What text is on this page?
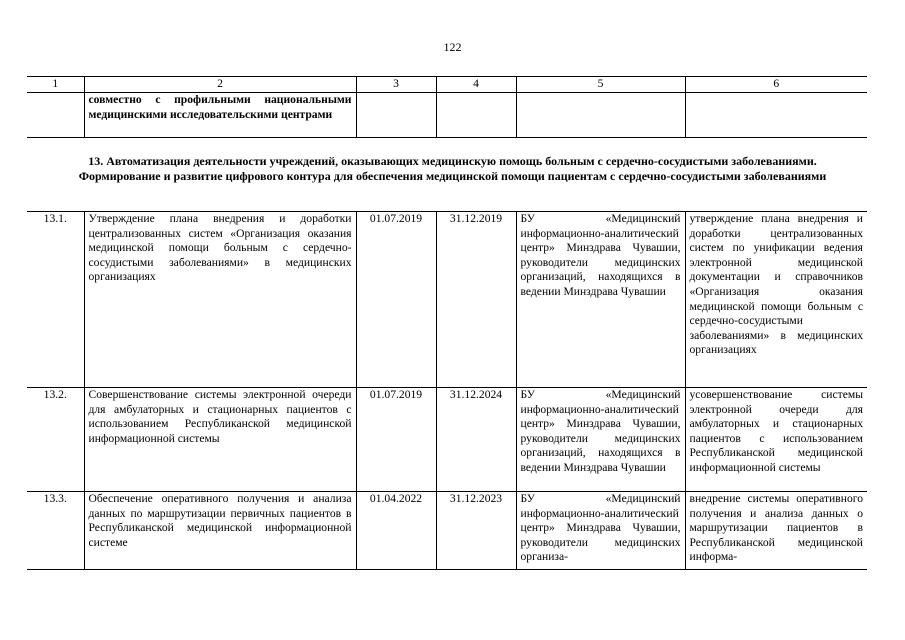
122
1	2	3	4	5	6
	совместно с профильными национальными медицинскими исследовательскими центрами				
13. Автоматизация деятельности учреждений, оказывающих медицинскую помощь больным с сердечно-сосудистыми заболеваниями. Формирование и развитие цифрового контура для обеспечения медицинской помощи пациентам с сердечно-сосудистыми заболеваниями
13.1.	Утверждение плана внедрения и доработки централизованных систем «Организация оказания медицинской помощи больным с сердечно-сосудистыми заболеваниями» в медицинских организациях	01.07.2019	31.12.2019	БУ «Медицинский информационно-аналитический центр» Минздрава Чувашии, руководители медицинских организаций, находящихся в ведении Минздрава Чувашии	утверждение плана внедрения и доработки централизованных систем по унификации ведения электронной медицинской документации и справочников «Организация оказания медицинской помощи больным с сердечно-сосудистыми заболеваниями» в медицинских организациях
13.2.	Совершенствование системы электронной очереди для амбулаторных и стационарных пациентов с использованием Республиканской медицинской информационной системы	01.07.2019	31.12.2024	БУ «Медицинский информационно-аналитический центр» Минздрава Чувашии, руководители медицинских организаций, находящихся в ведении Минздрава Чувашии	усовершенствование системы электронной очереди для амбулаторных и стационарных пациентов с использованием Республиканской медицинской информационной системы
13.3.	Обеспечение оперативного получения и анализа данных по маршрутизации первичных пациентов в Республиканской медицинской информационной системе	01.04.2022	31.12.2023	БУ «Медицинский информационно-аналитический центр» Минздрава Чувашии, руководители медицинских организа-	внедрение системы оперативного получения и анализа данных о маршрутизации пациентов в Республиканской медицинской информа-
